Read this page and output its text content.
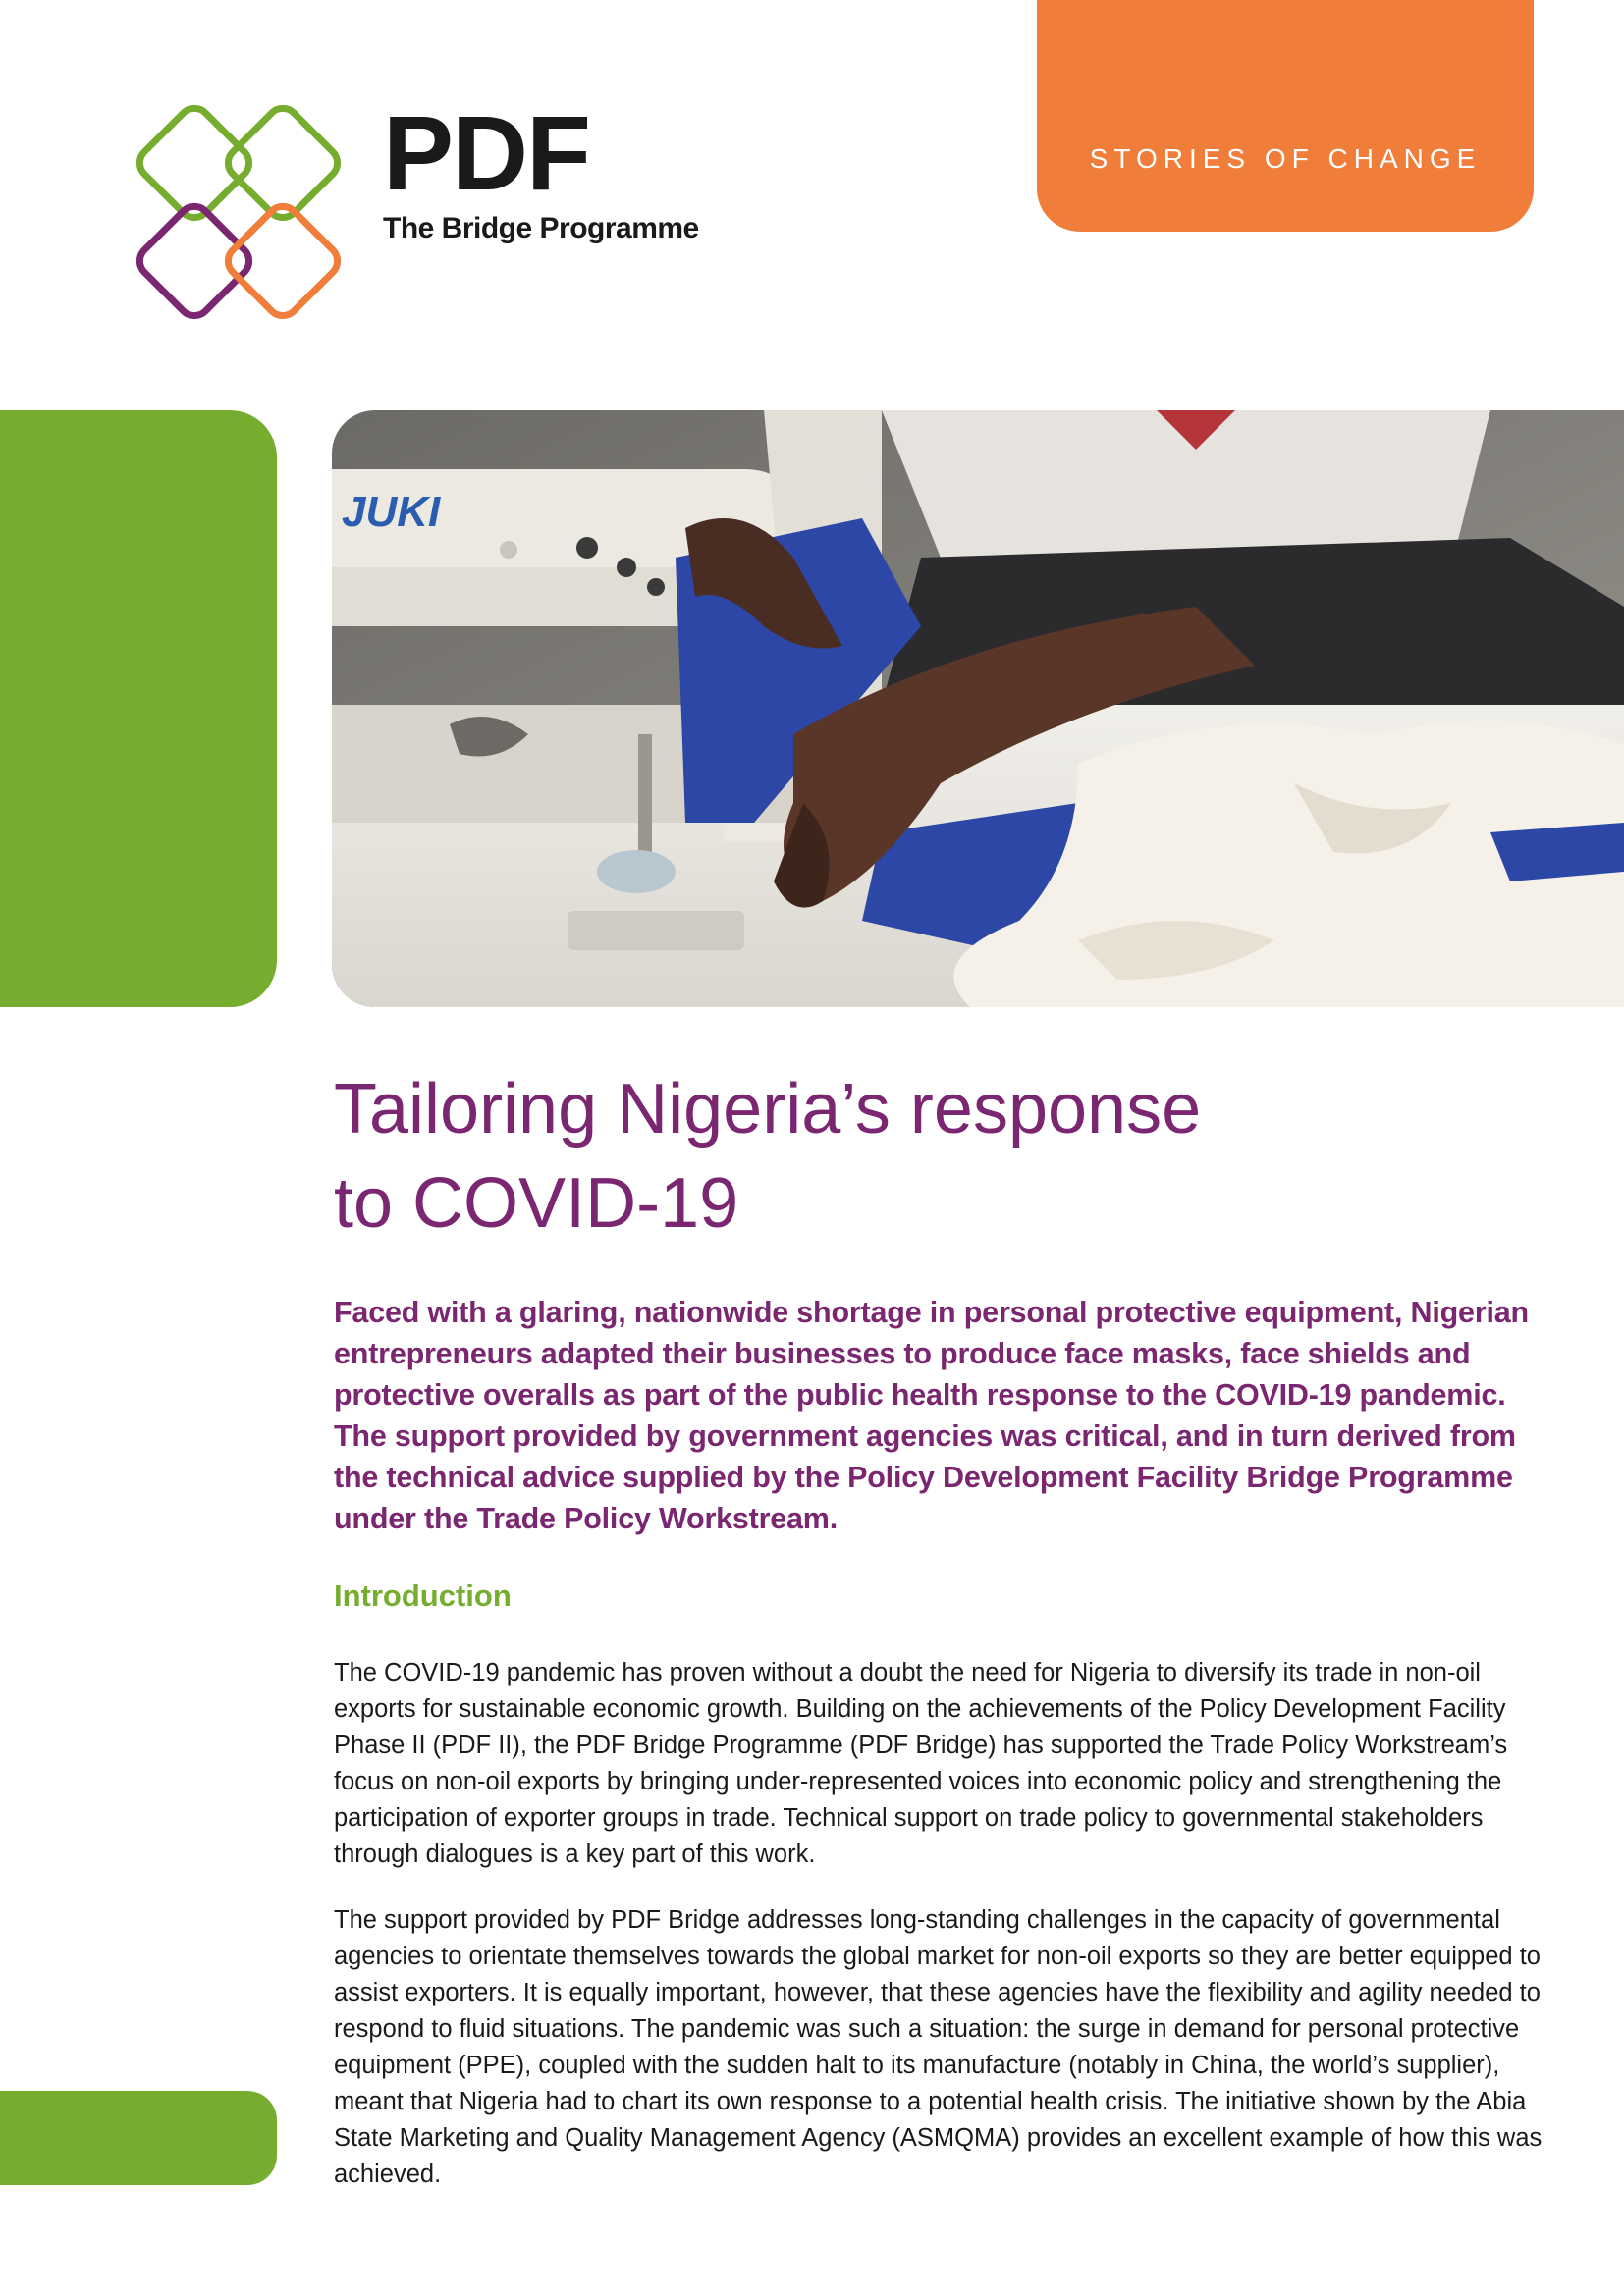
PDF
The Bridge Programme
STORIES OF CHANGE
JUKI
Tailoring Nigeria’s response
to COVID-19

Faced with a glaring, nationwide shortage in personal protective equipment, Nigerian entrepreneurs adapted their businesses to produce face masks, face shields and protective overalls as part of the public health response to the COVID-19 pandemic. The support provided by government agencies was critical, and in turn derived from the technical advice supplied by the Policy Development Facility Bridge Programme under the Trade Policy Workstream.

Introduction

The COVID-19 pandemic has proven without a doubt the need for Nigeria to diversify its trade in non-oil exports for sustainable economic growth. Building on the achievements of the Policy Development Facility Phase II (PDF II), the PDF Bridge Programme (PDF Bridge) has supported the Trade Policy Workstream’s focus on non-oil exports by bringing under-represented voices into economic policy and strengthening the participation of exporter groups in trade. Technical support on trade policy to governmental stakeholders through dialogues is a key part of this work.

The support provided by PDF Bridge addresses long-standing challenges in the capacity of governmental agencies to orientate themselves towards the global market for non-oil exports so they are better equipped to assist exporters. It is equally important, however, that these agencies have the flexibility and agility needed to respond to fluid situations. The pandemic was such a situation: the surge in demand for personal protective equipment (PPE), coupled with the sudden halt to its manufacture (notably in China, the world’s supplier), meant that Nigeria had to chart its own response to a potential health crisis. The initiative shown by the Abia State Marketing and Quality Management Agency (ASMQMA) provides an excellent example of how this was achieved.
